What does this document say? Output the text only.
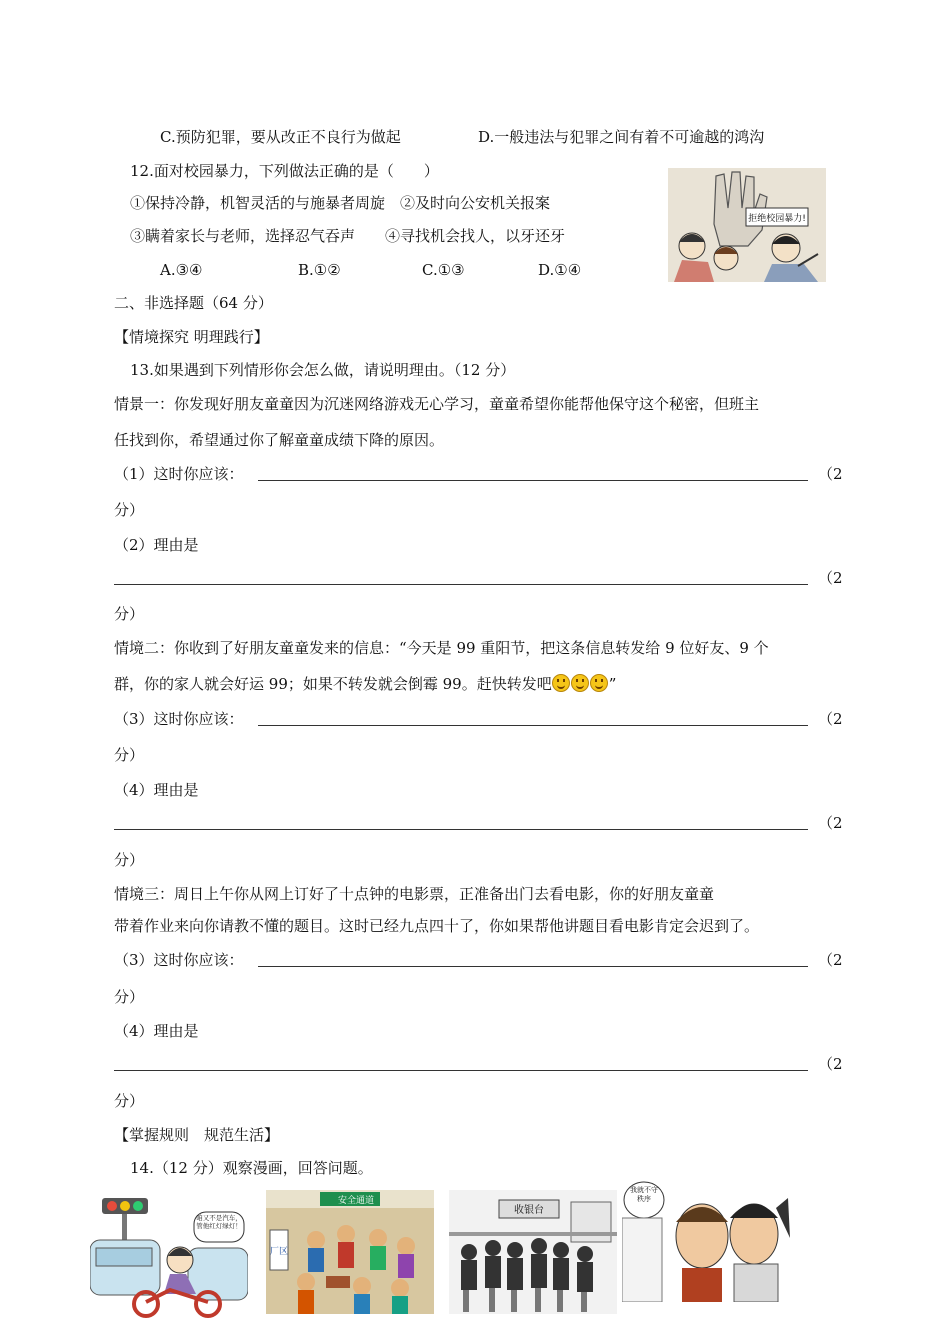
C.预防犯罪，要从改正不良行为做起	D.一般违法与犯罪之间有着不可逾越的鸿沟
12.面对校园暴力，下列做法正确的是（　　）
①保持冷静，机智灵活的与施暴者周旋　②及时向公安机关报案
③瞒着家长与老师，选择忍气吞声　　④寻找机会找人，以牙还牙
A.③④	B.①②	C.①③	D.①④
拒绝校园暴力!
二、非选择题（64 分）
【情境探究 明理践行】
13.如果遇到下列情形你会怎么做，请说明理由。（12 分）
情景一：你发现好朋友童童因为沉迷网络游戏无心学习，童童希望你能帮他保守这个秘密，但班主
任找到你，希望通过你了解童童成绩下降的原因。
（1）这时你应该：	（2
分）
（2）理由是
（2
分）
情境二：你收到了好朋友童童发来的信息：“今天是 99 重阳节，把这条信息转发给 9 位好友、9 个
群，你的家人就会好运 99；如果不转发就会倒霉 99。赶快转发吧	”
（3）这时你应该：	（2
分）
（4）理由是
（2
分）
情境三：周日上午你从网上订好了十点钟的电影票，正准备出门去看电影，你的好朋友童童
带着作业来向你请教不懂的题目。这时已经九点四十了，你如果帮他讲题目看电影肯定会迟到了。
（3）这时你应该：	（2
分）
（4）理由是
（2
分）
【掌握规则　规范生活】
14.（12 分）观察漫画，回答问题。
咱又不是汽车，管他红灯绿灯！
安全通道
厂区
收银台
我就不守秩序
